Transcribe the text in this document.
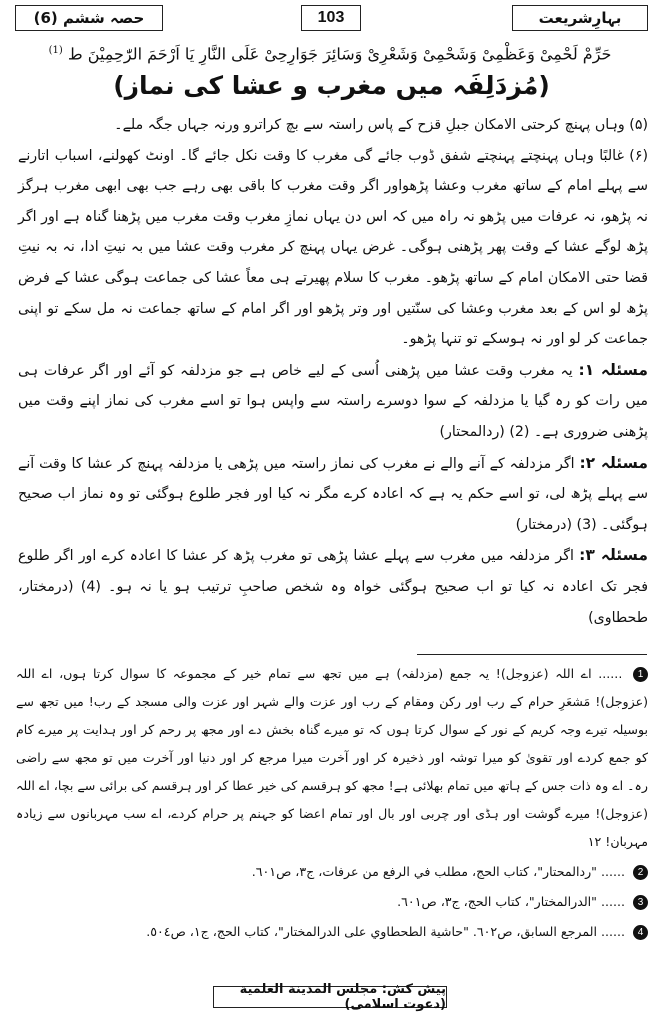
حصہ ششم (6)	103	بہارِشریعت
حَرِّمْ لَحْمِیْ وَعَظْمِیْ وَشَحْمِیْ وَشَعْرِیْ وَسَائِرَ جَوَارِحِیْ عَلَی النَّارِ یَا اَرْحَمَ الرّٰحِمِیْنَ ط $^{(1)}$
(مُزدَلِفَہ میں مغرب و عشا کی نماز)

(۵) وہاں پہنچ کرحتی الامکان جبلِ قزح کے پاس راستہ سے بچ کراترو ورنہ جہاں جگہ ملے۔

(۶) غالبًا وہاں پہنچتے پہنچتے شفق ڈوب جائے گی مغرب کا وقت نکل جائے گا۔ اونٹ کھولنے، اسباب اتارنے سے پہلے امام کے ساتھ مغرب وعشا پڑھواور اگر وقت مغرب کا باقی بھی رہے جب بھی ابھی مغرب ہرگز نہ پڑھو، نہ عرفات میں پڑھو نہ راہ میں کہ اس دن یہاں نمازِ مغرب وقت مغرب میں پڑھنا گناہ ہے اور اگر پڑھ لوگے عشا کے وقت پھر پڑھنی ہوگی۔ غرض یہاں پہنچ کر مغرب وقت عشا میں بہ نیتِ ادا، نہ بہ نیتِ قضا حتی الامکان امام کے ساتھ پڑھو۔ مغرب کا سلام پھیرتے ہی معاً عشا کی جماعت ہوگی عشا کے فرض پڑھ لو اس کے بعد مغرب وعشا کی سنّتیں اور وتر پڑھو اور اگر امام کے ساتھ جماعت نہ مل سکے تو اپنی جماعت کر لو اور نہ ہوسکے تو تنہا پڑھو۔

مسئلہ ۱: یہ مغرب وقت عشا میں پڑھنی اُسی کے لیے خاص ہے جو مزدلفہ کو آئے اور اگر عرفات ہی میں رات کو رہ گیا یا مزدلفہ کے سوا دوسرے راستہ سے واپس ہوا تو اسے مغرب کی نماز اپنے وقت میں پڑھنی ضروری ہے۔ (2) (ردالمحتار)

مسئلہ ۲: اگر مزدلفہ کے آنے والے نے مغرب کی نماز راستہ میں پڑھی یا مزدلفہ پہنچ کر عشا کا وقت آنے سے پہلے پڑھ لی، تو اسے حکم یہ ہے کہ اعادہ کرے مگر نہ کیا اور فجر طلوع ہوگئی تو وہ نماز اب صحیح ہوگئی۔ (3) (درمختار)

مسئلہ ۳: اگر مزدلفہ میں مغرب سے پہلے عشا پڑھی تو مغرب پڑھ کر عشا کا اعادہ کرے اور اگر طلوع فجر تک اعادہ نہ کیا تو اب صحیح ہوگئی خواہ وہ شخص صاحبِ ترتیب ہو یا نہ ہو۔ (4) (درمختار، طحطاوی)

1 ...... اے اللہ (عزوجل)! یہ جمع (مزدلفہ) ہے میں تجھ سے تمام خیر کے مجموعہ کا سوال کرتا ہوں، اے اللہ (عزوجل)! مَشعَرِ حرام کے رب اور رکن ومقام کے رب اور عزت والے شہر اور عزت والی مسجد کے رب! میں تجھ سے بوسیلہ تیرے وجہ کریم کے نور کے سوال کرتا ہوں کہ تو میرے گناہ بخش دے اور مجھ پر رحم کر اور ہدایت پر میرے کام کو جمع کردے اور تقویٰ کو میرا توشہ اور ذخیرہ کر اور آخرت میرا مرجع کر اور دنیا اور آخرت میں تو مجھ سے راضی رہ۔ اے وہ ذات جس کے ہاتھ میں تمام بھلائی ہے! مجھ کو ہرقسم کی خیر عطا کر اور ہرقسم کی برائی سے بچا، اے اللہ (عزوجل)! میرے گوشت اور ہڈی اور چربی اور بال اور تمام اعضا کو جہنم پر حرام کردے، اے سب مہربانوں سے زیادہ مہربان! ۱۲

2 ...... "ردالمحتار"، كتاب الحج، مطلب في الرفع من عرفات، ج٣، ص٦٠١.

3 ...... "الدرالمختار"، كتاب الحج، ج٣، ص٦٠١.

4 ...... المرجع السابق، ص٦٠٢. "حاشية الطحطاوي على الدرالمختار"، كتاب الحج، ج١، ص٥٠٤.

پیش کش: مجلس المدينة العلمية (دعوت اسلامی)
